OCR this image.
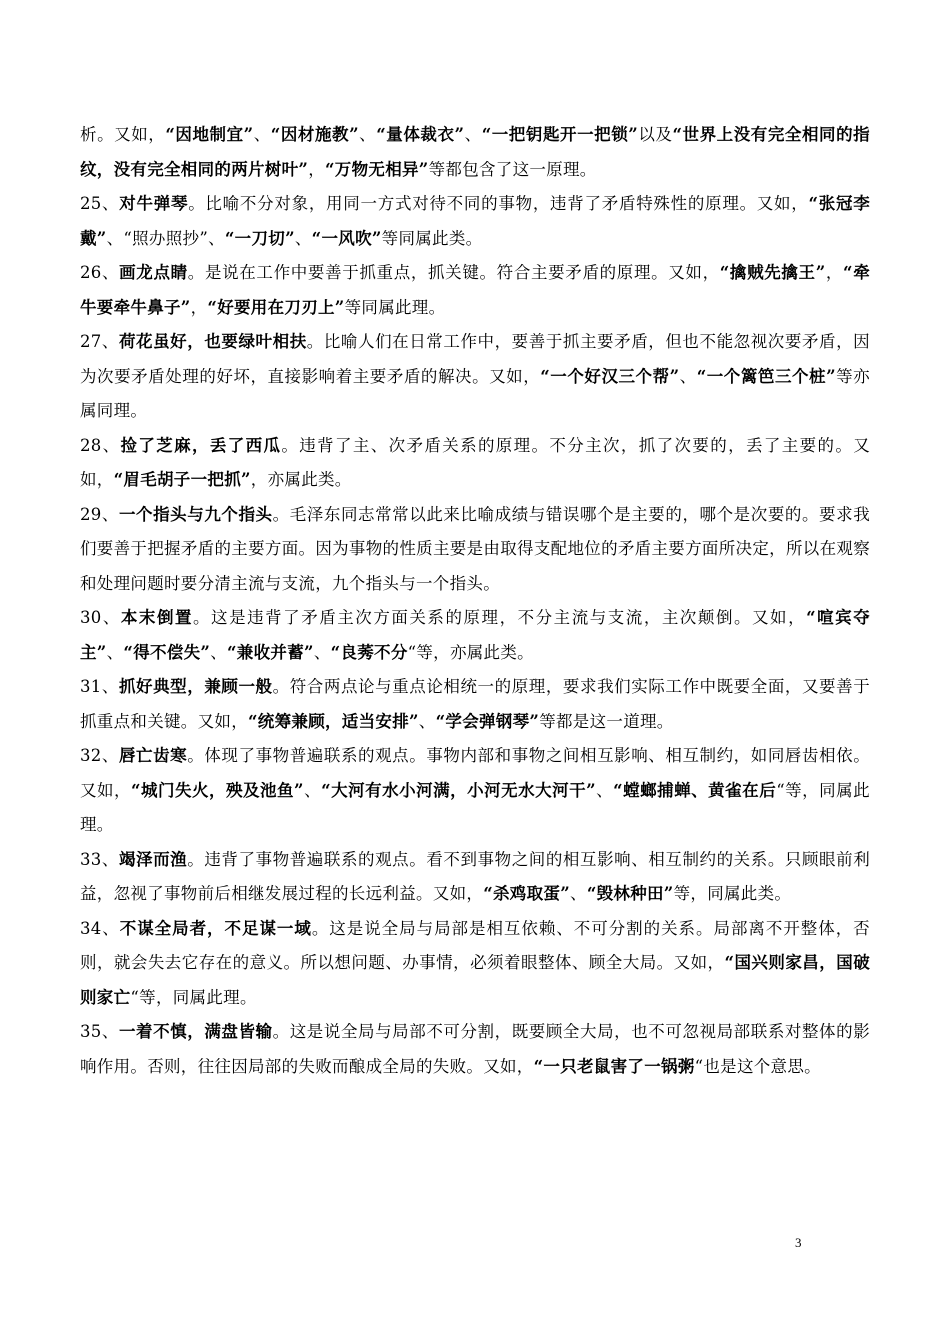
析。又如，“因地制宜”、“因材施教”、“量体裁衣”、“一把钥匙开一把锁”以及“世界上没有完全相同的指纹，没有完全相同的两片树叶”，“万物无相异”等都包含了这一原理。

25、对牛弹琴。比喻不分对象，用同一方式对待不同的事物，违背了矛盾特殊性的原理。又如，“张冠李戴”、“照办照抄”、“一刀切”、“一风吹”等同属此类。

26、画龙点睛。是说在工作中要善于抓重点，抓关键。符合主要矛盾的原理。又如，“擒贼先擒王”，“牵牛要牵牛鼻子”，“好要用在刀刃上”等同属此理。

27、荷花虽好，也要绿叶相扶。比喻人们在日常工作中，要善于抓主要矛盾，但也不能忽视次要矛盾，因为次要矛盾处理的好坏，直接影响着主要矛盾的解决。又如，“一个好汉三个帮”、“一个篱笆三个桩”等亦属同理。

28、捡了芝麻，丢了西瓜。违背了主、次矛盾关系的原理。不分主次，抓了次要的，丢了主要的。又如，“眉毛胡子一把抓”，亦属此类。

29、一个指头与九个指头。毛泽东同志常常以此来比喻成绩与错误哪个是主要的，哪个是次要的。要求我们要善于把握矛盾的主要方面。因为事物的性质主要是由取得支配地位的矛盾主要方面所决定，所以在观察和处理问题时要分清主流与支流，九个指头与一个指头。

30、本末倒置。这是违背了矛盾主次方面关系的原理，不分主流与支流，主次颠倒。又如，“喧宾夺主”、“得不偿失”、“兼收并蓄”、“良莠不分“等，亦属此类。

31、抓好典型，兼顾一般。符合两点论与重点论相统一的原理，要求我们实际工作中既要全面，又要善于抓重点和关键。又如，“统筹兼顾，适当安排”、“学会弹钢琴”等都是这一道理。

32、唇亡齿寒。体现了事物普遍联系的观点。事物内部和事物之间相互影响、相互制约，如同唇齿相依。又如，“城门失火，殃及池鱼”、“大河有水小河满，小河无水大河干”、“螳螂捕蝉、黄雀在后“等，同属此理。

33、竭泽而渔。违背了事物普遍联系的观点。看不到事物之间的相互影响、相互制约的关系。只顾眼前利益，忽视了事物前后相继发展过程的长远利益。又如，“杀鸡取蛋”、“毁林种田”等，同属此类。

34、不谋全局者，不足谋一域。这是说全局与局部是相互依赖、不可分割的关系。局部离不开整体，否则，就会失去它存在的意义。所以想问题、办事情，必须着眼整体、顾全大局。又如，“国兴则家昌，国破则家亡“等，同属此理。

35、一着不慎，满盘皆输。这是说全局与局部不可分割，既要顾全大局，也不可忽视局部联系对整体的影响作用。否则，往往因局部的失败而酿成全局的失败。又如，“一只老鼠害了一锅粥“也是这个意思。

3
